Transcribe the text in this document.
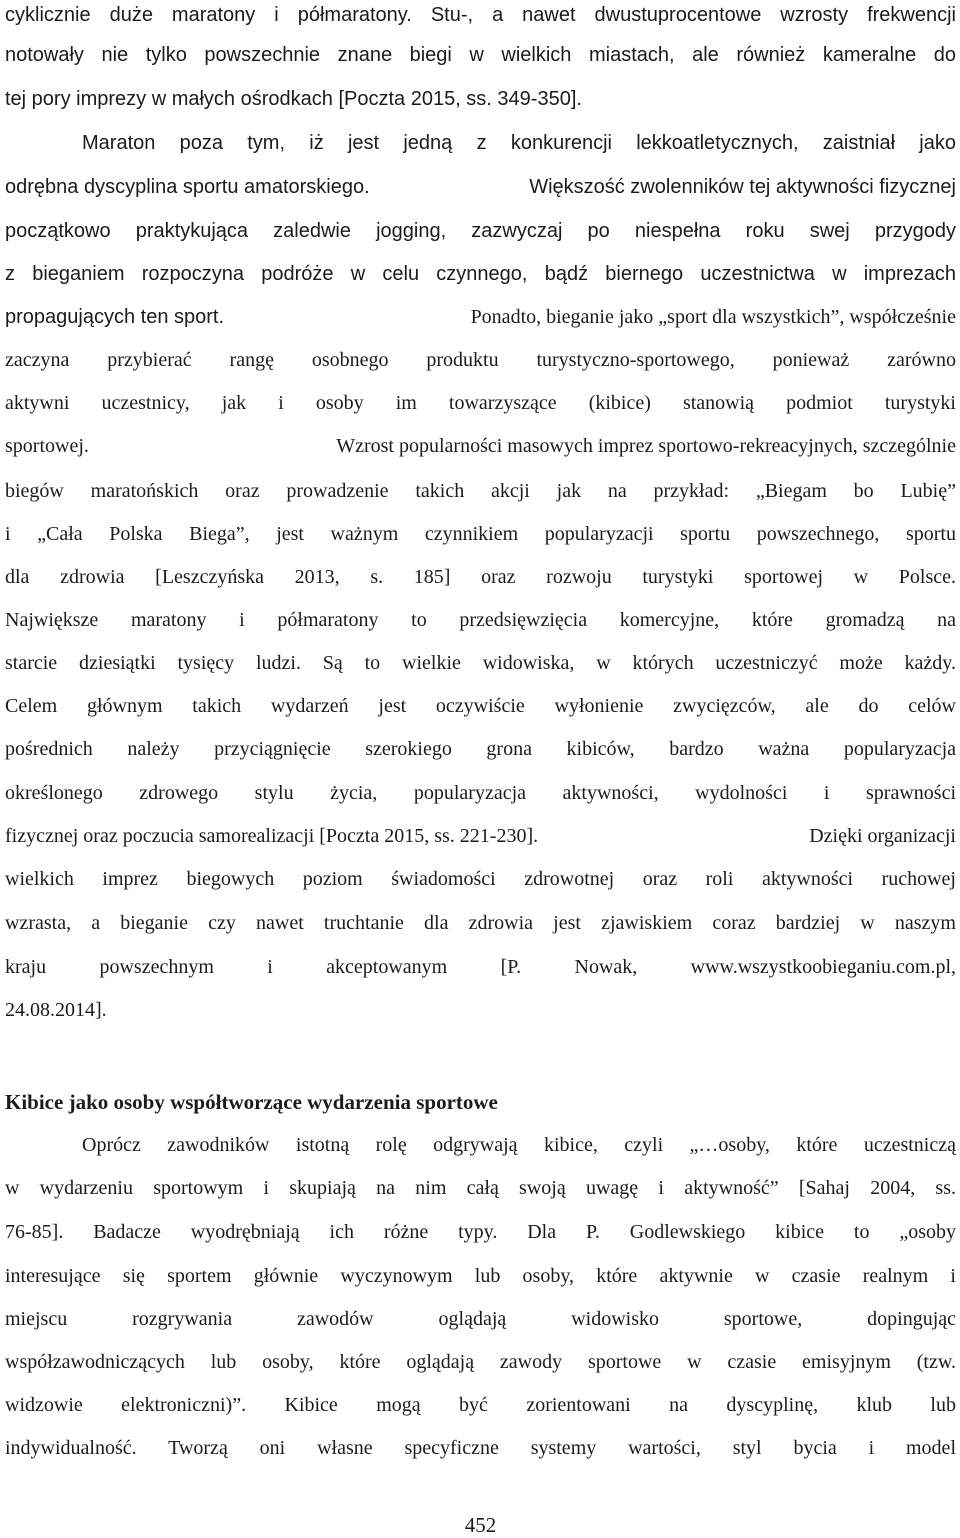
cyklicznie duże maratony i półmaratony. Stu-, a nawet dwustuprocentowe wzrosty frekwencji
notowały nie tylko powszechnie znane biegi w wielkich miastach, ale również kameralne do
tej pory imprezy w małych ośrodkach [Poczta 2015, ss. 349-350].
Maraton poza tym, iż jest jedną z konkurencji lekkoatletycznych, zaistniał jako
odrębna dyscyplina sportu amatorskiego.	Większość zwolenników tej aktywności fizycznej
początkowo praktykująca zaledwie jogging, zazwyczaj po niespełna roku swej przygody
z bieganiem rozpoczyna podróże w celu czynnego, bądź biernego uczestnictwa w imprezach
propagujących ten sport.	Ponadto, bieganie jako „sport dla wszystkich”, współcześnie
zaczyna przybierać rangę osobnego produktu turystyczno-sportowego, ponieważ zarówno
aktywni uczestnicy, jak i osoby im towarzyszące (kibice) stanowią podmiot turystyki
sportowej.	Wzrost popularności masowych imprez sportowo-rekreacyjnych, szczególnie
biegów maratońskich oraz prowadzenie takich akcji jak na przykład: „Biegam bo Lubię”
i „Cała Polska Biega”, jest ważnym czynnikiem popularyzacji sportu powszechnego, sportu
dla zdrowia [Leszczyńska 2013, s. 185] oraz rozwoju turystyki sportowej w Polsce.
Największe maratony i półmaratony to przedsięwzięcia komercyjne, które gromadzą na
starcie dziesiątki tysięcy ludzi. Są to wielkie widowiska, w których uczestniczyć może każdy.
Celem głównym takich wydarzeń jest oczywiście wyłonienie zwycięzców, ale do celów
pośrednich należy przyciągnięcie szerokiego grona kibiców, bardzo ważna popularyzacja
określonego zdrowego stylu życia, popularyzacja aktywności, wydolności i sprawności
fizycznej oraz poczucia samorealizacji [Poczta 2015, ss. 221-230].	Dzięki organizacji
wielkich imprez biegowych poziom świadomości zdrowotnej oraz roli aktywności ruchowej
wzrasta, a bieganie czy nawet truchtanie dla zdrowia jest zjawiskiem coraz bardziej w naszym
kraju powszechnym i akceptowanym [P. Nowak, www.wszystkoobieganiu.com.pl,
24.08.2014].
Kibice jako osoby współtworzące wydarzenia sportowe
Oprócz zawodników istotną rolę odgrywają kibice, czyli „…osoby, które uczestniczą
w wydarzeniu sportowym i skupiają na nim całą swoją uwagę i aktywność” [Sahaj 2004, ss.
76-85]. Badacze wyodrębniają ich różne typy. Dla P. Godlewskiego kibice to „osoby
interesujące się sportem głównie wyczynowym lub osoby, które aktywnie w czasie realnym i
miejscu rozgrywania zawodów oglądają widowisko sportowe, dopingując
współzawodniczących lub osoby, które oglądają zawody sportowe w czasie emisyjnym (tzw.
widzowie elektroniczni)”. Kibice mogą być zorientowani na dyscyplinę, klub lub
indywidualność. Tworzą oni własne specyficzne systemy wartości, styl bycia i model
452
